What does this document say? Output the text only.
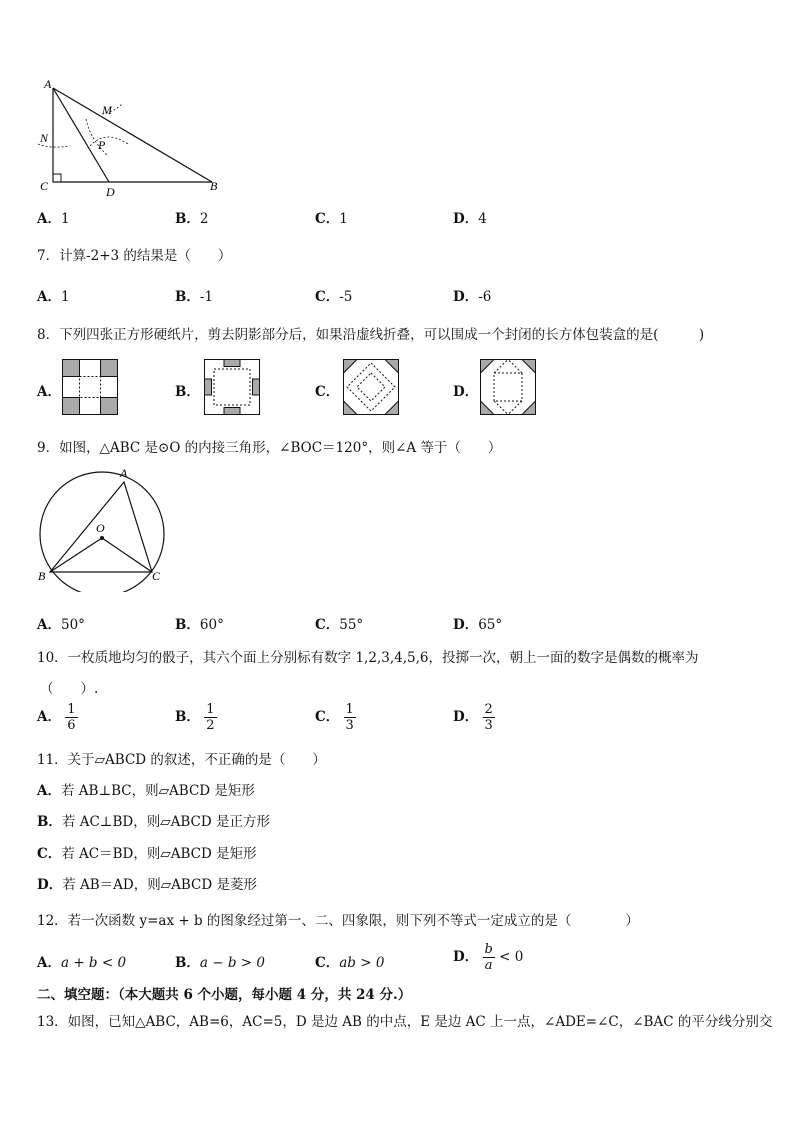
A
M
N	P
C	D	B
A．1	B．2	C．1	D．4
7．计算-2+3 的结果是（　　）
A．1	B．-1	C．-5	D．-6
8．下列四张正方形硬纸片，剪去阴影部分后，如果沿虚线折叠，可以围成一个封闭的长方体包装盒的是(　　　)
A．	B．	C．	D．
9．如图，△ABC 是⊙O 的内接三角形，∠BOC＝120°，则∠A 等于（　　）
A
O
B	C
A．50°	B．60°	C．55°	D．65°
10．一枚质地均匀的骰子，其六个面上分别标有数字 1,2,3,4,5,6，投掷一次，朝上一面的数字是偶数的概率为
（　　）.
A． $\frac{1}{6}$	B． $\frac{1}{2}$	C． $\frac{1}{3}$	D． $\frac{2}{3}$
11．关于▱ABCD 的叙述，不正确的是（　　）
A．若 AB⊥BC，则▱ABCD 是矩形
B．若 AC⊥BD，则▱ABCD 是正方形
C．若 AC＝BD，则▱ABCD 是矩形
D．若 AB＝AD，则▱ABCD 是菱形
12．若一次函数 y=ax + b 的图象经过第一、二、四象限，则下列不等式一定成立的是（　　　　）
A．a + b < 0	B．a − b > 0	C．ab > 0	D． $\frac{b}{a} < 0$
二、填空题：（本大题共 6 个小题，每小题 4 分，共 24 分.）
13．如图，已知△ABC，AB=6，AC=5，D 是边 AB 的中点，E 是边 AC 上一点，∠ADE=∠C，∠BAC 的平分线分别交
